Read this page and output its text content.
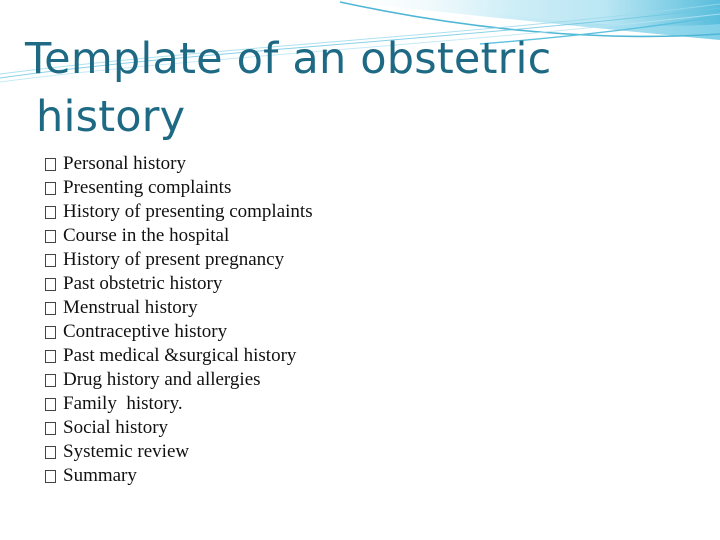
Template of an obstetric
history
Personal history
Presenting complaints
History of presenting complaints
Course in the hospital
History of present pregnancy
Past obstetric history
Menstrual history
Contraceptive history
Past medical &surgical history
Drug history and allergies
Family  history.
Social history
Systemic review
Summary
